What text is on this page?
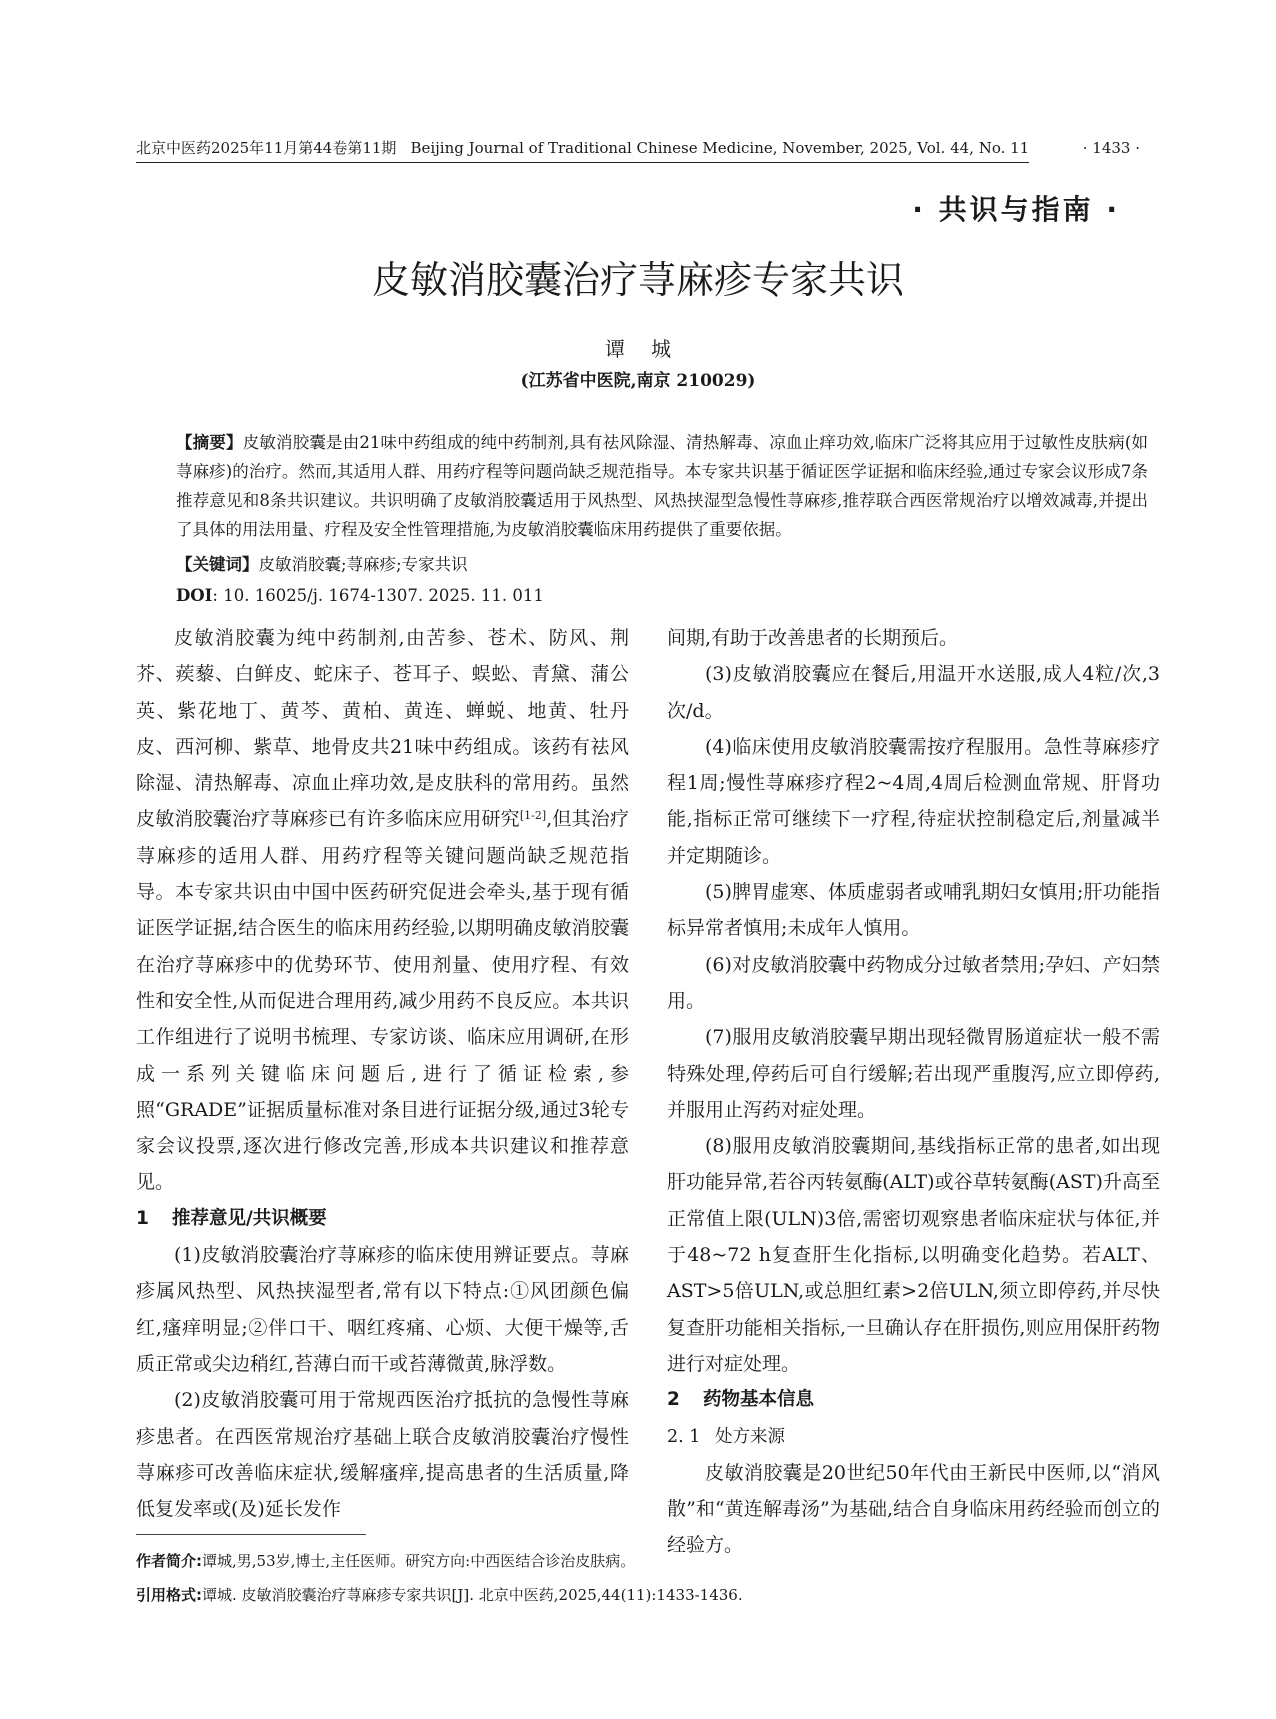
北京中医药2025年11月第44卷第11期 Beijing Journal of Traditional Chinese Medicine, November, 2025, Vol. 44, No. 11	· 1433 ·
· 共识与指南 ·
皮敏消胶囊治疗荨麻疹专家共识
谭城
(江苏省中医院,南京 210029)
【摘要】皮敏消胶囊是由21味中药组成的纯中药制剂,具有祛风除湿、清热解毒、凉血止痒功效,临床广泛将其应用于过敏性皮肤病(如荨麻疹)的治疗。然而,其适用人群、用药疗程等问题尚缺乏规范指导。本专家共识基于循证医学证据和临床经验,通过专家会议形成7条推荐意见和8条共识建议。共识明确了皮敏消胶囊适用于风热型、风热挟湿型急慢性荨麻疹,推荐联合西医常规治疗以增效减毒,并提出了具体的用法用量、疗程及安全性管理措施,为皮敏消胶囊临床用药提供了重要依据。
【关键词】皮敏消胶囊;荨麻疹;专家共识
DOI: 10. 16025/j. 1674-1307. 2025. 11. 011

皮敏消胶囊为纯中药制剂,由苦参、苍术、防风、荆芥、蒺藜、白鲜皮、蛇床子、苍耳子、蜈蚣、青黛、蒲公英、紫花地丁、黄芩、黄柏、黄连、蝉蜕、地黄、牡丹皮、西河柳、紫草、地骨皮共21味中药组成。该药有祛风除湿、清热解毒、凉血止痒功效,是皮肤科的常用药。虽然皮敏消胶囊治疗荨麻疹已有许多临床应用研究[1-2],但其治疗荨麻疹的适用人群、用药疗程等关键问题尚缺乏规范指导。本专家共识由中国中医药研究促进会牵头,基于现有循证医学证据,结合医生的临床用药经验,以期明确皮敏消胶囊在治疗荨麻疹中的优势环节、使用剂量、使用疗程、有效性和安全性,从而促进合理用药,减少用药不良反应。本共识工作组进行了说明书梳理、专家访谈、临床应用调研,在形成一系列关键临床问题后,进行了循证检索,参照“GRADE”证据质量标准对条目进行证据分级,通过3轮专家会议投票,逐次进行修改完善,形成本共识建议和推荐意见。

1 推荐意见/共识概要

(1)皮敏消胶囊治疗荨麻疹的临床使用辨证要点。荨麻疹属风热型、风热挟湿型者,常有以下特点:①风团颜色偏红,瘙痒明显;②伴口干、咽红疼痛、心烦、大便干燥等,舌质正常或尖边稍红,苔薄白而干或苔薄微黄,脉浮数。

(2)皮敏消胶囊可用于常规西医治疗抵抗的急慢性荨麻疹患者。在西医常规治疗基础上联合皮敏消胶囊治疗慢性荨麻疹可改善临床症状,缓解瘙痒,提高患者的生活质量,降低复发率或(及)延长发作

间期,有助于改善患者的长期预后。

(3)皮敏消胶囊应在餐后,用温开水送服,成人4粒/次,3次/d。

(4)临床使用皮敏消胶囊需按疗程服用。急性荨麻疹疗程1周;慢性荨麻疹疗程2~4周,4周后检测血常规、肝肾功能,指标正常可继续下一疗程,待症状控制稳定后,剂量减半并定期随诊。

(5)脾胃虚寒、体质虚弱者或哺乳期妇女慎用;肝功能指标异常者慎用;未成年人慎用。

(6)对皮敏消胶囊中药物成分过敏者禁用;孕妇、产妇禁用。

(7)服用皮敏消胶囊早期出现轻微胃肠道症状一般不需特殊处理,停药后可自行缓解;若出现严重腹泻,应立即停药,并服用止泻药对症处理。

(8)服用皮敏消胶囊期间,基线指标正常的患者,如出现肝功能异常,若谷丙转氨酶(ALT)或谷草转氨酶(AST)升高至正常值上限(ULN)3倍,需密切观察患者临床症状与体征,并于48~72 h复查肝生化指标,以明确变化趋势。若ALT、AST>5倍ULN,或总胆红素>2倍ULN,须立即停药,并尽快复查肝功能相关指标,一旦确认存在肝损伤,则应用保肝药物进行对症处理。

2 药物基本信息
2. 1 处方来源

皮敏消胶囊是20世纪50年代由王新民中医师,以“消风散”和“黄连解毒汤”为基础,结合自身临床用药经验而创立的经验方。

作者简介:谭城,男,53岁,博士,主任医师。研究方向:中西医结合诊治皮肤病。
引用格式:谭城. 皮敏消胶囊治疗荨麻疹专家共识[J]. 北京中医药,2025,44(11):1433-1436.
